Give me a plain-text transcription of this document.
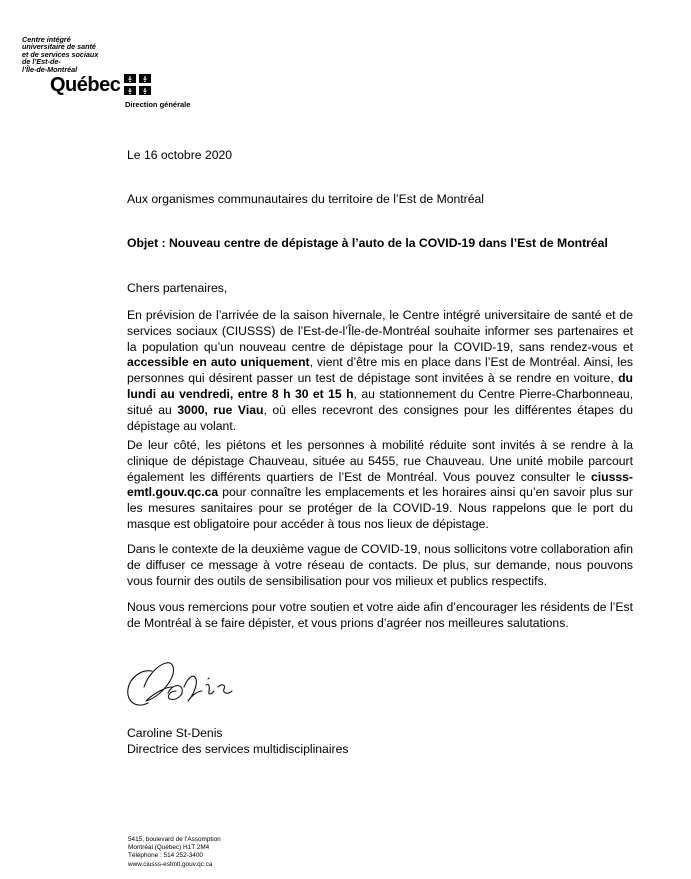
Centre intégré
universitaire de santé
et de services sociaux
de l’Est-de-
l’Île-de-Montréal
Québec
Direction générale
Le 16 octobre 2020
Aux organismes communautaires du territoire de l’Est de Montréal
Objet : Nouveau centre de dépistage à l’auto de la COVID-19 dans l’Est de Montréal
Chers partenaires,
En prévision de l’arrivée de la saison hivernale, le Centre intégré universitaire de santé et de services sociaux (CIUSSS) de l’Est-de-l’Île-de-Montréal souhaite informer ses partenaires et la population qu’un nouveau centre de dépistage pour la COVID-19, sans rendez-vous et accessible en auto uniquement, vient d’être mis en place dans l’Est de Montréal. Ainsi, les personnes qui désirent passer un test de dépistage sont invitées à se rendre en voiture, du lundi au vendredi, entre 8 h 30 et 15 h, au stationnement du Centre Pierre-Charbonneau, situé au 3000, rue Viau, où elles recevront des consignes pour les différentes étapes du dépistage au volant.
De leur côté, les piétons et les personnes à mobilité réduite sont invités à se rendre à la clinique de dépistage Chauveau, située au 5455, rue Chauveau. Une unité mobile parcourt également les différents quartiers de l’Est de Montréal. Vous pouvez consulter le ciusss-emtl.gouv.qc.ca pour connaître les emplacements et les horaires ainsi qu’en savoir plus sur les mesures sanitaires pour se protéger de la COVID-19. Nous rappelons que le port du masque est obligatoire pour accéder à tous nos lieux de dépistage.
Dans le contexte de la deuxième vague de COVID-19, nous sollicitons votre collaboration afin de diffuser ce message à votre réseau de contacts. De plus, sur demande, nous pouvons vous fournir des outils de sensibilisation pour vos milieux et publics respectifs.
Nous vous remercions pour votre soutien et votre aide afin d’encourager les résidents de l’Est de Montréal à se faire dépister, et vous prions d’agréer nos meilleures salutations.
Caroline St-Denis
Directrice des services multidisciplinaires
5415, boulevard de l’Assomption
Montréal (Québec) H1T 2M4
Téléphone : 514 252-3400
www.ciusss-estmtl.gouv.qc.ca
